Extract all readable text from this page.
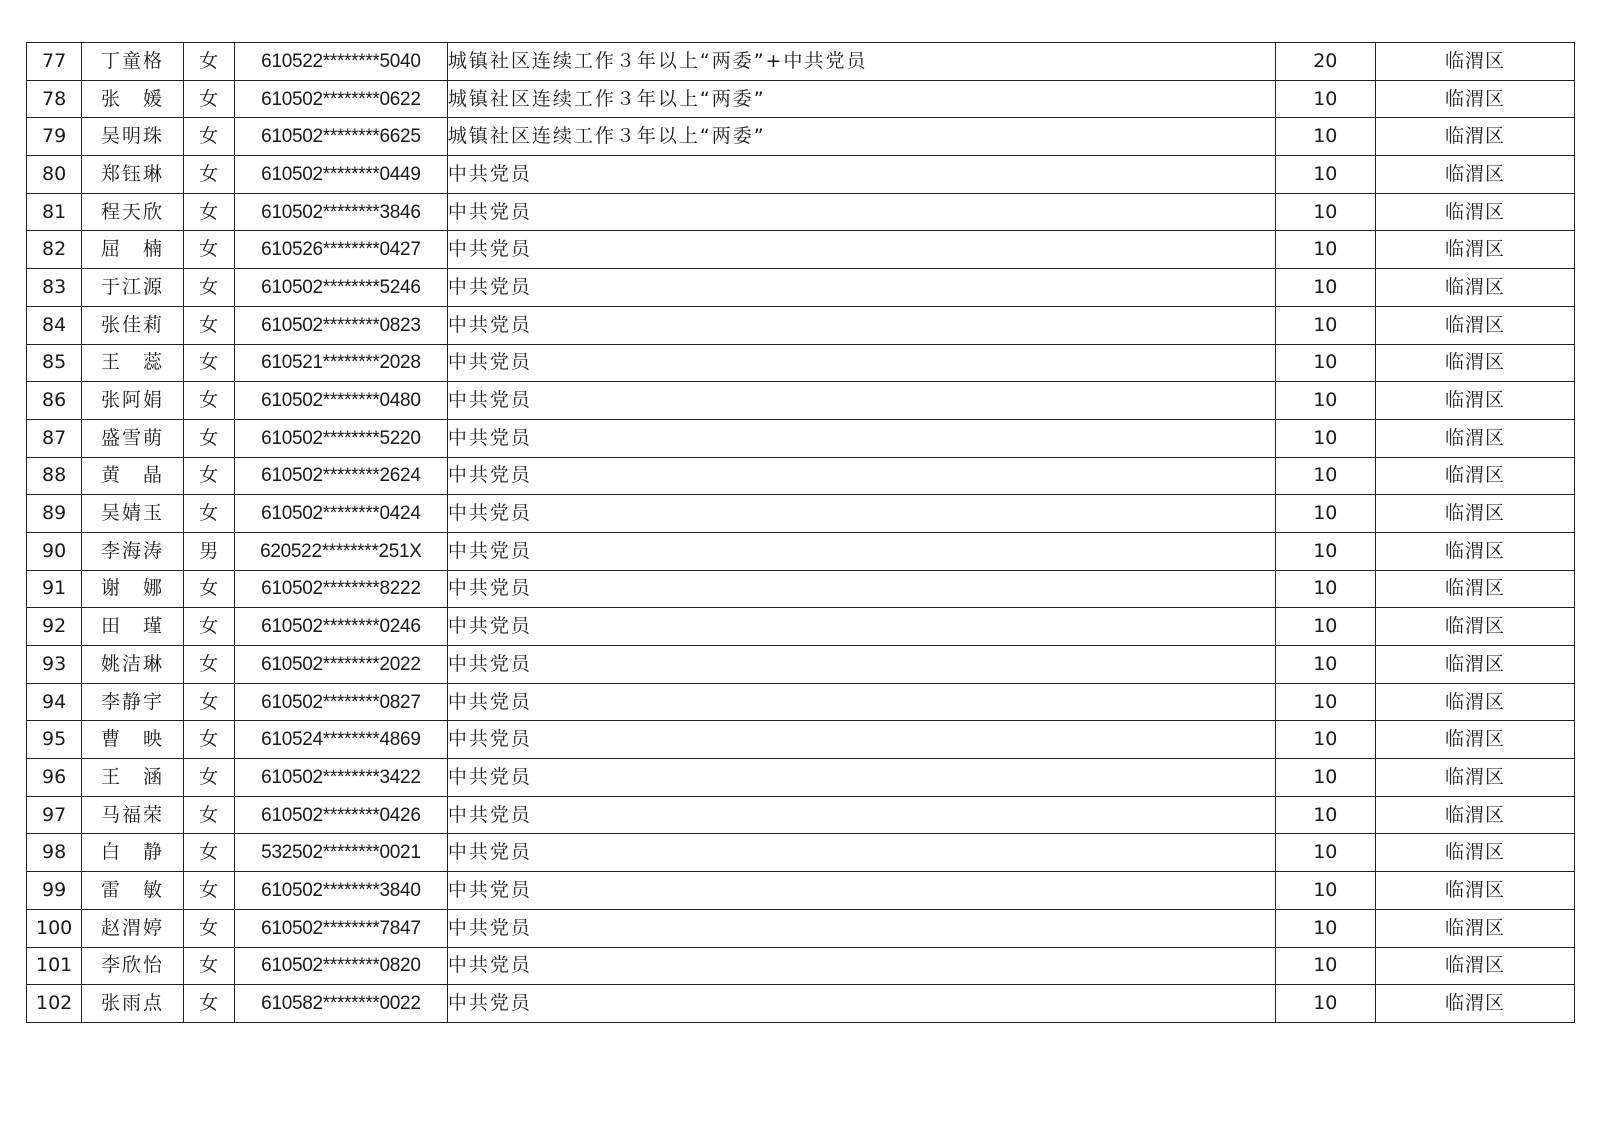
77	丁童格	女	610522********5040	城镇社区连续工作３年以上“两委”+中共党员	20	临渭区
78	张　媛	女	610502********0622	城镇社区连续工作３年以上“两委”	10	临渭区
79	吴明珠	女	610502********6625	城镇社区连续工作３年以上“两委”	10	临渭区
80	郑钰琳	女	610502********0449	中共党员	10	临渭区
81	程天欣	女	610502********3846	中共党员	10	临渭区
82	屈　楠	女	610526********0427	中共党员	10	临渭区
83	于江源	女	610502********5246	中共党员	10	临渭区
84	张佳莉	女	610502********0823	中共党员	10	临渭区
85	王　蕊	女	610521********2028	中共党员	10	临渭区
86	张阿娟	女	610502********0480	中共党员	10	临渭区
87	盛雪萌	女	610502********5220	中共党员	10	临渭区
88	黄　晶	女	610502********2624	中共党员	10	临渭区
89	吴婧玉	女	610502********0424	中共党员	10	临渭区
90	李海涛	男	620522********251X	中共党员	10	临渭区
91	谢　娜	女	610502********8222	中共党员	10	临渭区
92	田　瑾	女	610502********0246	中共党员	10	临渭区
93	姚洁琳	女	610502********2022	中共党员	10	临渭区
94	李静宇	女	610502********0827	中共党员	10	临渭区
95	曹　映	女	610524********4869	中共党员	10	临渭区
96	王　涵	女	610502********3422	中共党员	10	临渭区
97	马福荣	女	610502********0426	中共党员	10	临渭区
98	白　静	女	532502********0021	中共党员	10	临渭区
99	雷　敏	女	610502********3840	中共党员	10	临渭区
100	赵渭婷	女	610502********7847	中共党员	10	临渭区
101	李欣怡	女	610502********0820	中共党员	10	临渭区
102	张雨点	女	610582********0022	中共党员	10	临渭区
